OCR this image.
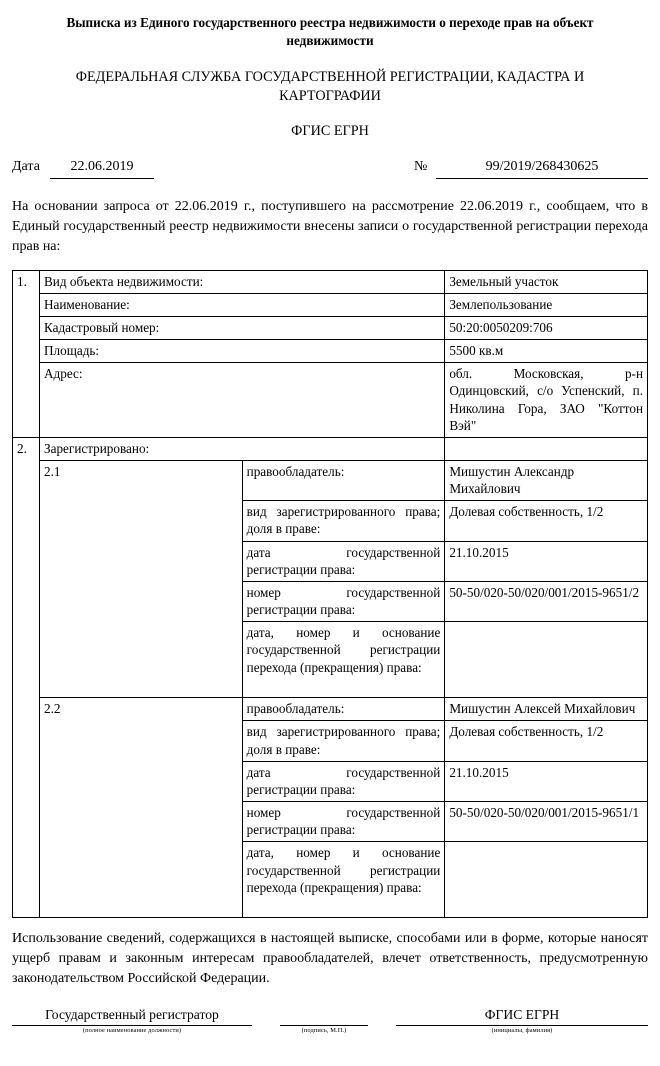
Выписка из Единого государственного реестра недвижимости о переходе прав на объект недвижимости
ФЕДЕРАЛЬНАЯ СЛУЖБА ГОСУДАРСТВЕННОЙ РЕГИСТРАЦИИ, КАДАСТРА И КАРТОГРАФИИ
ФГИС ЕГРН
Дата	22.06.2019	№	99/2019/268430625
На основании запроса от 22.06.2019 г., поступившего на рассмотрение 22.06.2019 г., сообщаем, что в Единый государственный реестр недвижимости внесены записи о государственной регистрации перехода прав на:
1.	Вид объекта недвижимости:		Земельный участок
	Наименование:		Землепользование
	Кадастровый номер:		50:20:0050209:706
	Площадь:		5500 кв.м
	Адрес:		обл. Московская, р-н Одинцовский, с/о Успенский, п. Николина Гора, ЗАО "Коттон Вэй"
2.	Зарегистрировано:		
	2.1	правообладатель:	Мишустин Александр Михайлович
		вид зарегистрированного права; доля в праве:	Долевая собственность, 1/2
		дата государственной регистрации права:	21.10.2015
		номер государственной регистрации права:	50-50/020-50/020/001/2015-9651/2
		дата, номер и основание государственной регистрации перехода (прекращения) права:	
	2.2	правообладатель:	Мишустин Алексей Михайлович
		вид зарегистрированного права; доля в праве:	Долевая собственность, 1/2
		дата государственной регистрации права:	21.10.2015
		номер государственной регистрации права:	50-50/020-50/020/001/2015-9651/1
		дата, номер и основание государственной регистрации перехода (прекращения) права:	
Использование сведений, содержащихся в настоящей выписке, способами или в форме, которые наносят ущерб правам и законным интересам правообладателей, влечет ответственность, предусмотренную законодательством Российской Федерации.
Государственный регистратор
(полное наименование должности)	(подпись, М.П.)
ФГИС ЕГРН
(инициалы, фамилия)
